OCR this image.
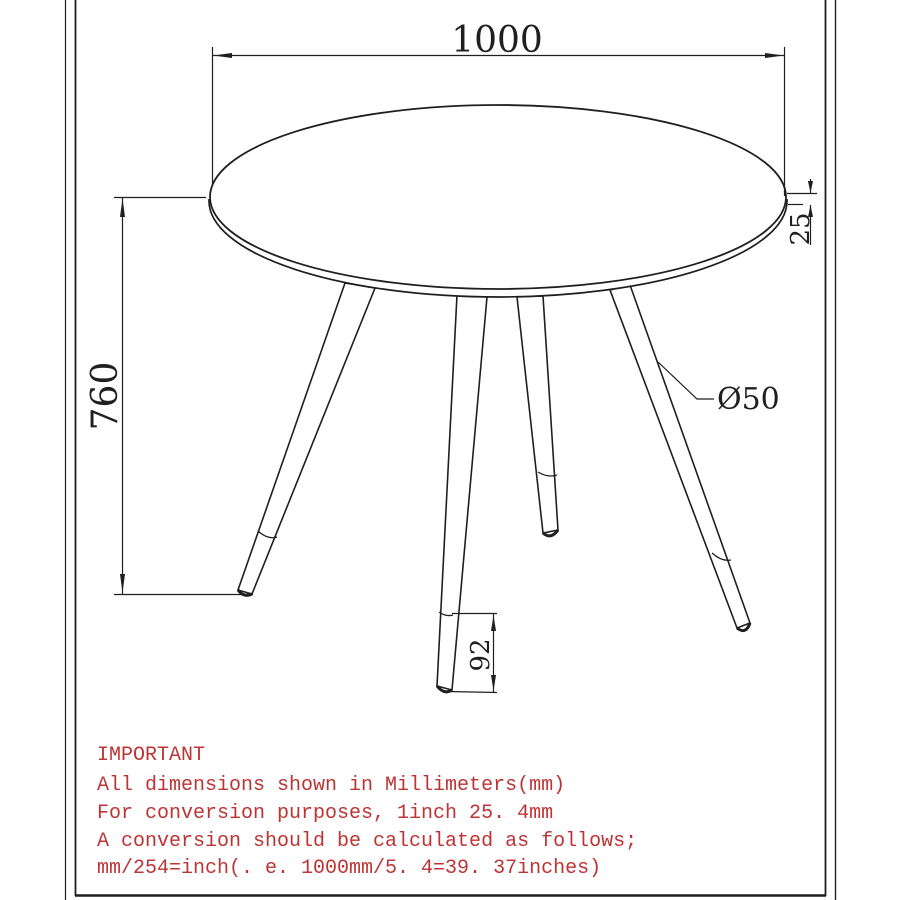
1000
760
25
Ø50
92
IMPORTANT
All dimensions shown in Millimeters(mm)
For conversion purposes, 1inch 25. 4mm
A conversion should be calculated as follows;
mm/254=inch(. e. 1000mm/5. 4=39. 37inches)
